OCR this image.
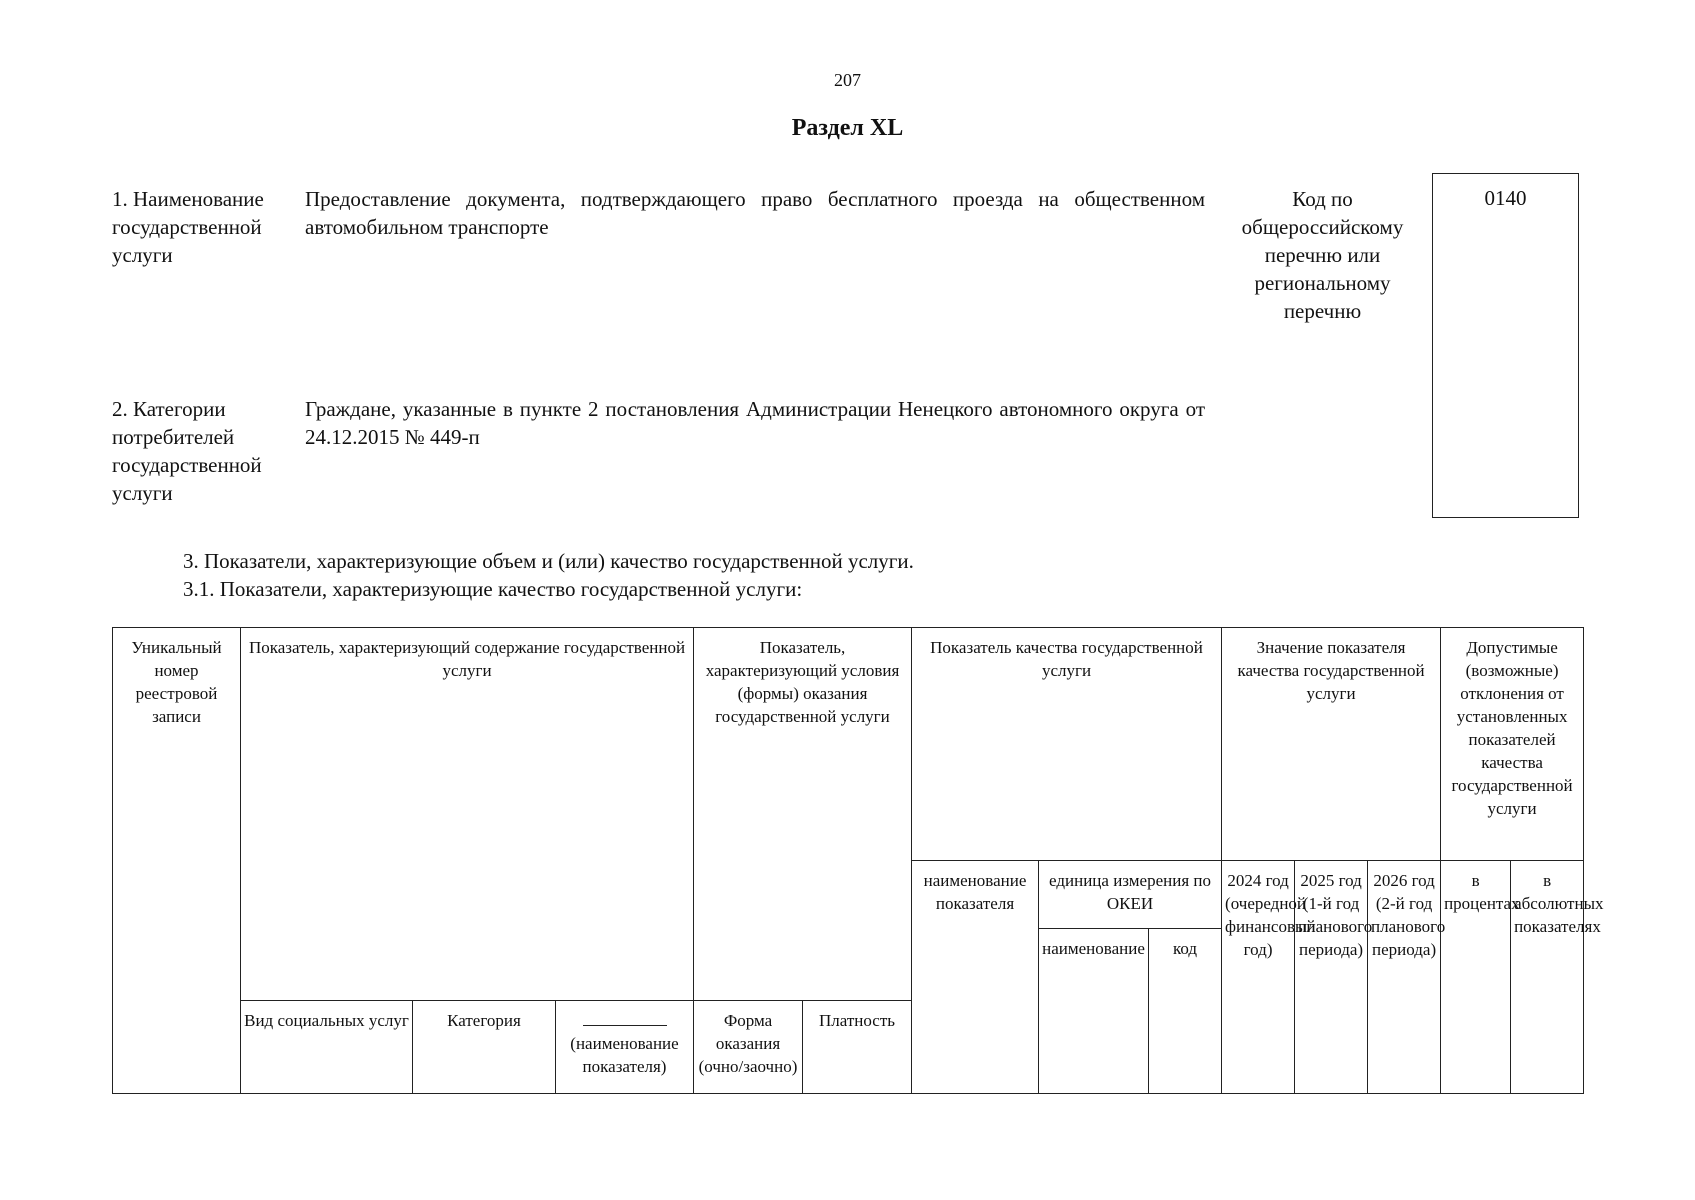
207
Раздел XL
1. Наименование государственной услуги
Предоставление документа, подтверждающего право бесплатного проезда на общественном автомобильном транспорте
Код по общероссийскому перечню или региональному перечню
0140
2. Категории потребителей государственной услуги
Граждане, указанные в пункте 2 постановления Администрации Ненецкого автономного округа от 24.12.2015 № 449-п
3. Показатели, характеризующие объем и (или) качество государственной услуги.
3.1. Показатели, характеризующие качество государственной услуги:
Уникальный номер реестровой записи	Показатель, характеризующий содержание государственной услуги			Показатель, характеризующий условия (формы) оказания государственной услуги		Показатель качества государственной услуги			Значение показателя качества государственной услуги			Допустимые (возможные) отклонения от установленных показателей качества государственной услуги	
						наименование показателя	единица измерения по ОКЕИ		2024 год (очередной финансовый год)	2025 год (1-й год планового периода)	2026 год (2-й год планового периода)	в процентах	в абсолютных показателях
							наименование	код					
	Вид социальных услуг	Категория	(наименование показателя)	Форма оказания (очно/заочно)	Платность								
